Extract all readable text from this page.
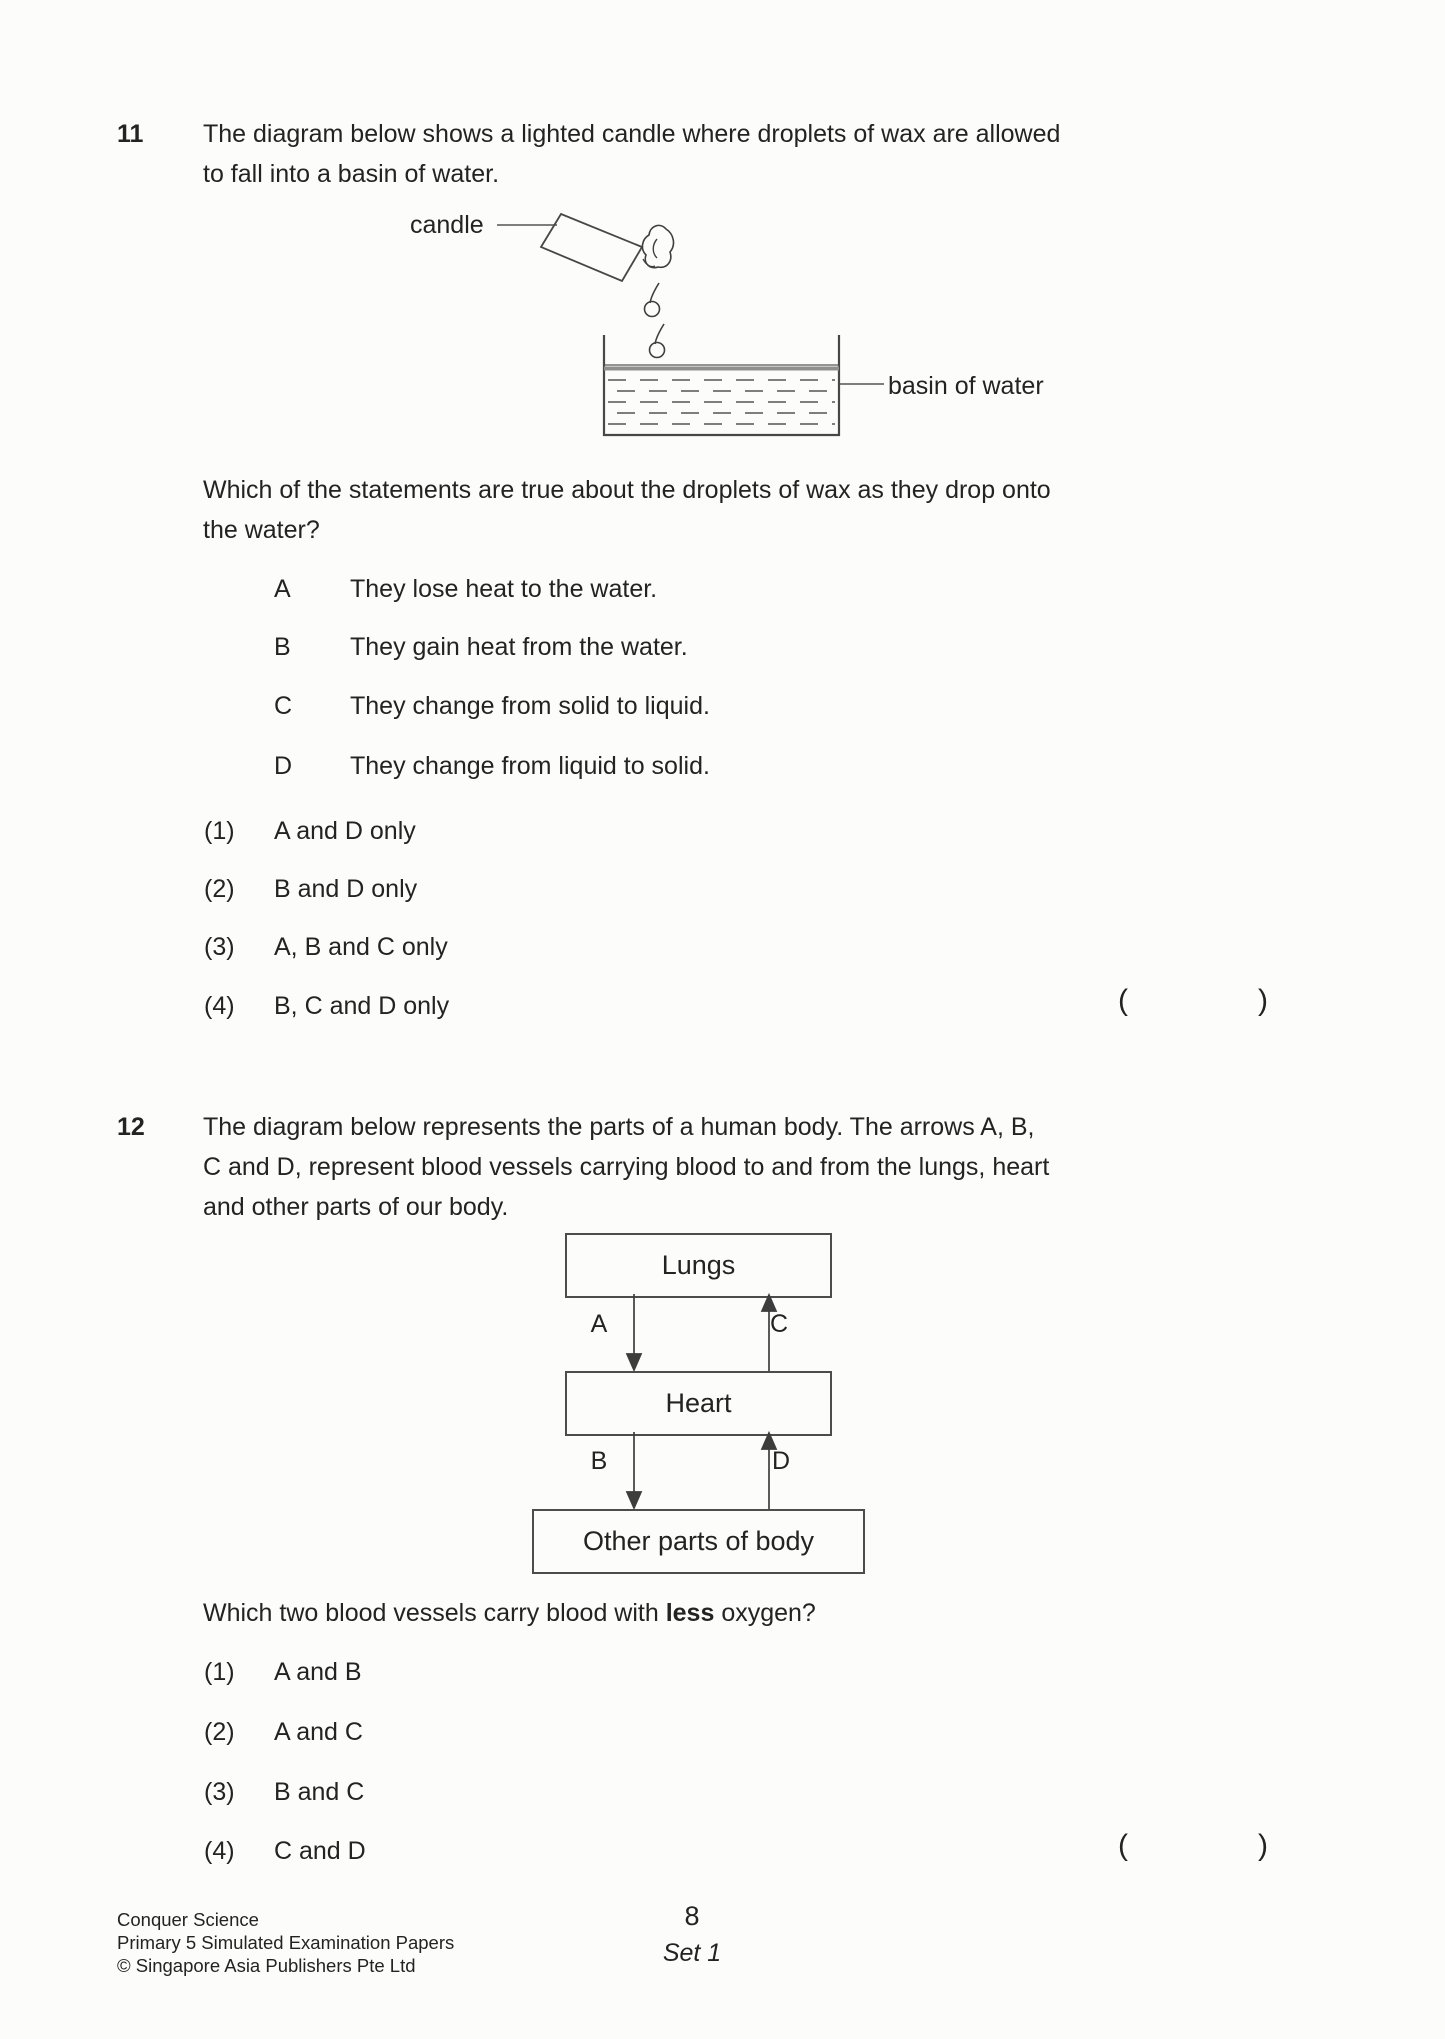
11 The diagram below shows a lighted candle where droplets of wax are allowed
to fall into a basin of water.
candle
basin of water
Which of the statements are true about the droplets of wax as they drop onto
the water?
A They lose heat to the water.
B They gain heat from the water.
C They change from solid to liquid.
D They change from liquid to solid.
(1) A and D only
(2) B and D only
(3) A, B and C only
(4) B, C and D only	(	)
12 The diagram below represents the parts of a human body. The arrows A, B,
C and D, represent blood vessels carrying blood to and from the lungs, heart
and other parts of our body.
Lungs
Heart
Other parts of body
A	C
B	D
Which two blood vessels carry blood with less oxygen?
(1) A and B
(2) A and C
(3) B and C
(4) C and D	(	)
Conquer Science
Primary 5 Simulated Examination Papers
© Singapore Asia Publishers Pte Ltd
8
Set 1
